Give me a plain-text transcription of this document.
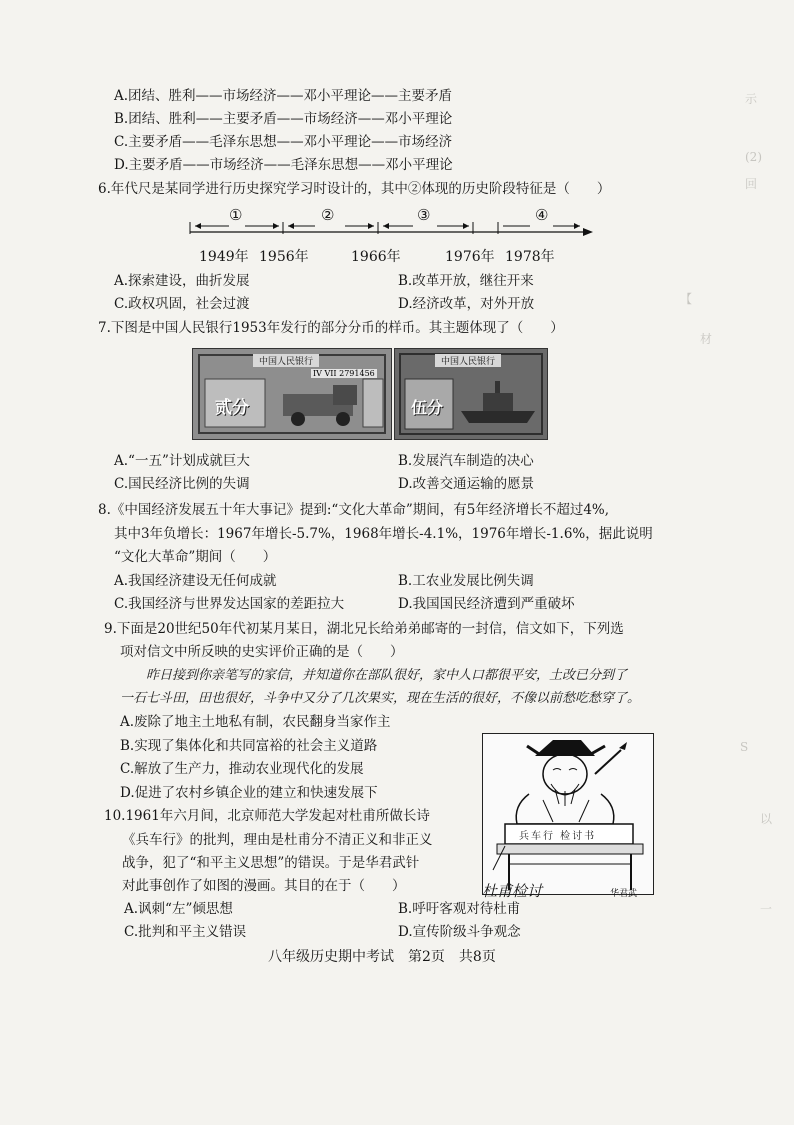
示
(2)
回
【
材
S
以
一
A.团结、胜利——市场经济——邓小平理论——主要矛盾
B.团结、胜利——主要矛盾——市场经济——邓小平理论
C.主要矛盾——毛泽东思想——邓小平理论——市场经济
D.主要矛盾——市场经济——毛泽东思想——邓小平理论
6.年代尺是某同学进行历史探究学习时设计的，其中②体现的历史阶段特征是（　　）
①	②	③	④
1949年 1956年	1966年	1976年 1978年
A.探索建设，曲折发展	B.改革开放，继往开来
C.政权巩固，社会过渡	D.经济改革，对外开放
7.下图是中国人民银行1953年发行的部分分币的样币。其主题体现了（　　）
中国人民银行
IV VII 2791456
贰分
中国人民银行
伍分
A.“一五”计划成就巨大	B.发展汽车制造的决心
C.国民经济比例的失调	D.改善交通运输的愿景
8.《中国经济发展五十年大事记》提到:“文化大革命”期间，有5年经济增长不超过4%,
其中3年负增长：1967年增长-5.7%，1968年增长-4.1%，1976年增长-1.6%，据此说明
“文化大革命”期间（　　）
A.我国经济建设无任何成就	B.工农业发展比例失调
C.我国经济与世界发达国家的差距拉大	D.我国国民经济遭到严重破坏
9.下面是20世纪50年代初某月某日，湖北兄长给弟弟邮寄的一封信，信文如下，下列选
项对信文中所反映的史实评价正确的是（　　）
昨日接到你亲笔写的家信，并知道你在部队很好，家中人口都很平安，土改已分到了
一石七斗田，田也很好，斗争中又分了几次果实，现在生活的很好，不像以前愁吃愁穿了。
A.废除了地主土地私有制，农民翻身当家作主
B.实现了集体化和共同富裕的社会主义道路
C.解放了生产力，推动农业现代化的发展
D.促进了农村乡镇企业的建立和快速发展下
10.1961年六月间，北京师范大学发起对杜甫所做长诗
《兵车行》的批判，理由是杜甫分不清正义和非正义
战争，犯了“和平主义思想”的错误。于是华君武针
对此事创作了如图的漫画。其目的在于（　　）
A.讽刺“左”倾思想	B.呼吁客观对待杜甫
C.批判和平主义错误	D.宣传阶级斗争观念
兵车行 检讨书
杜甫检讨	华君武
八年级历史期中考试　第2页　共8页
